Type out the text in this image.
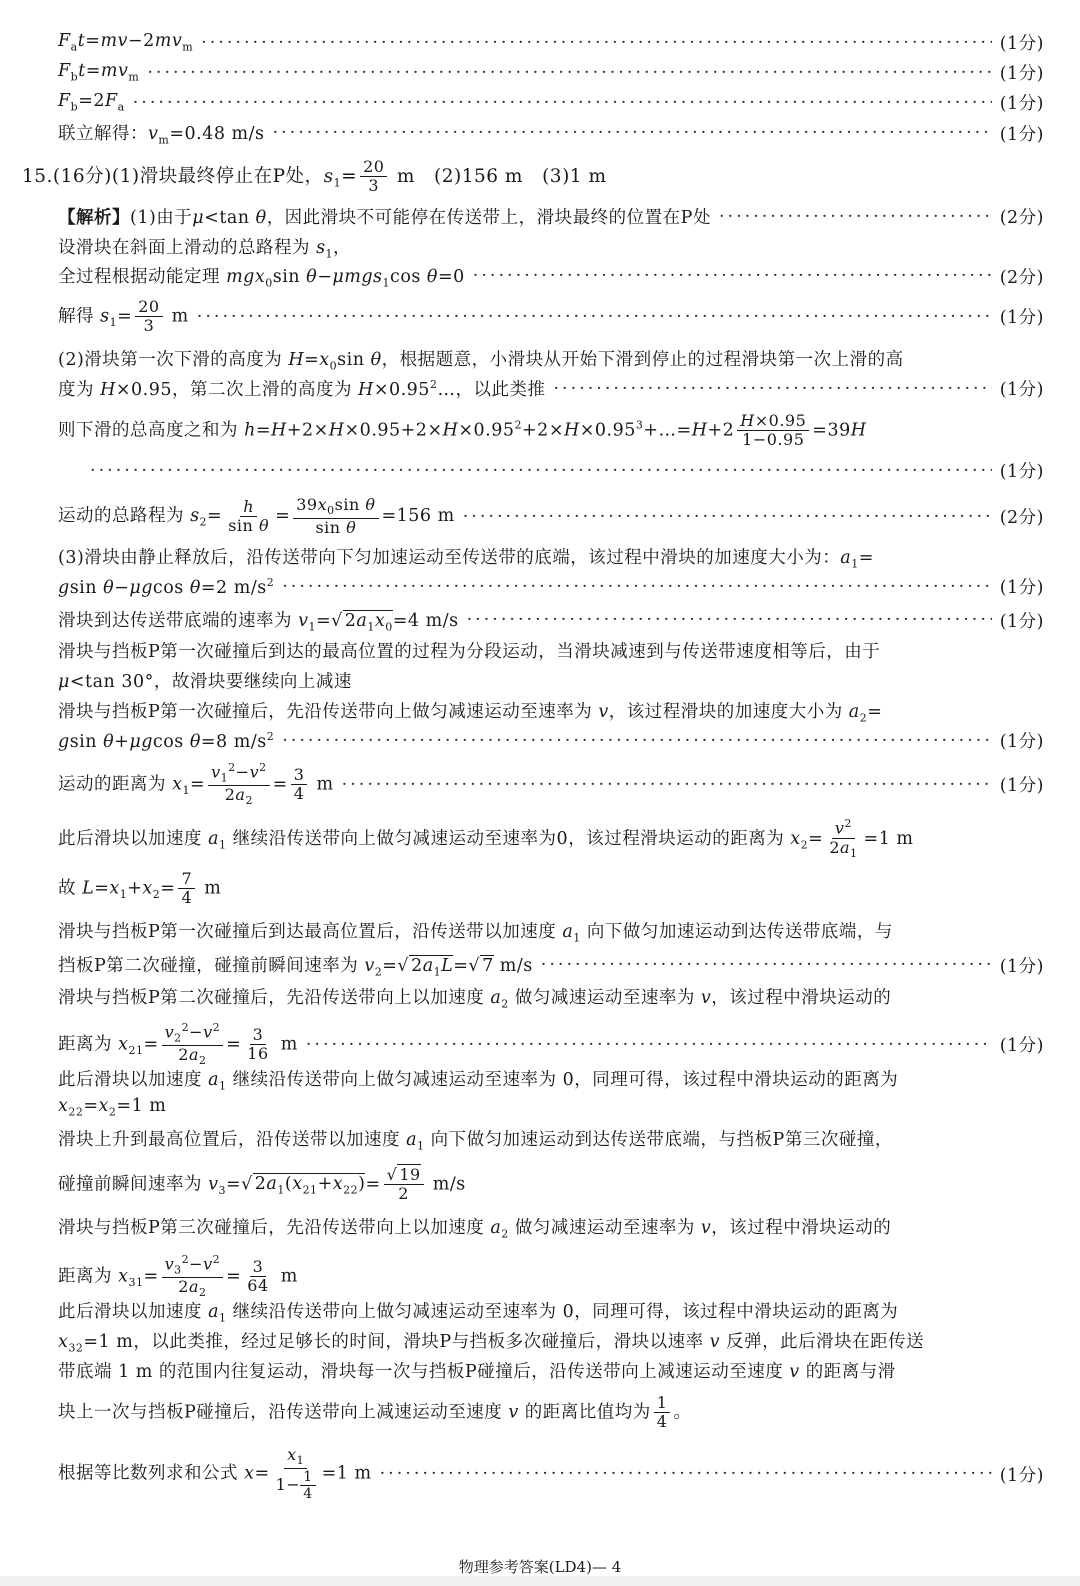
$F_at=mv-2mv_m$ ·····	(1分)
$F_bt=mv_m$ ·····	(1分)
$F_b=2F_a$ ·····	(1分)
联立解得：$v_m=0.48$ m/s ·····	(1分)
15.(16分)(1)滑块最终停止在P处，$s_1= \frac{20}{3}$ m   (2)156 m   (3)1 m
【解析】(1)由于μ<tan θ，因此滑块不可能停在传送带上，滑块最终的位置在P处 ·····	(2分)
设滑块在斜面上滑动的总路程为 $s_1$，
全过程根据动能定理 mgx$_0$sin θ−μmgs$_1$cos θ=0 ·····	(2分)
解得 $s_1= \frac{20}{3}$ m ·····	(1分)
(2)滑块第一次下滑的高度为 $H=x_0\sin$ θ，根据题意，小滑块从开始下滑到停止的过程滑块第一次上滑的高
度为 H×0.95，第二次上滑的高度为 $H\times 0.95^2\dots$，以此类推 ·····	(1分)
则下滑的总高度之和为 $h=H+2\times H\times 0.95+2\times H\times 0.95^2+2\times H\times 0.95^3+\dots=H+2 \frac{H\times 0.95}{1-0.95} =39H$
·····
(1分)
运动的总路程为 $s_2= \frac{h}{\text{sin θ}} = \frac{39x_0\sin \theta}{\text{sin θ}} =156$ m ·····	(2分)
(3)滑块由静止释放后，沿传送带向下匀加速运动至传送带的底端，该过程中滑块的加速度大小为：$a_1=$
gsin θ−μgcos θ=2 $m/s^2$ ·····	(1分)
滑块到达传送带底端的速率为 $v_1=√$ $2a_1x_0=4$ m/s ·····	(1分)
滑块与挡板P第一次碰撞后到达的最高位置的过程为分段运动，当滑块减速到与传送带速度相等后，由于
μ<tan 30°，故滑块要继续向上减速
滑块与挡板P第一次碰撞后，先沿传送带向上做匀减速运动至速率为 v，该过程滑块的加速度大小为 $a_2=$
gsin θ+μgcos θ=8 $m/s^2$ ·····	(1分)
运动的距离为 $x_1= \frac{v_1^2-v^2}{2a_2} = \frac{3}{4}$ m ·····	(1分)
此后滑块以加速度 $a_1$ 继续沿传送带向上做匀减速运动至速率为0，该过程滑块运动的距离为 $x_2= \frac{v^2}{2a_1} =1$ m
故 $L=x_1+x_2= \frac{7}{4}$ m
滑块与挡板P第一次碰撞后到达最高位置后，沿传送带以加速度 $a_1$ 向下做匀加速运动到达传送带底端，与
挡板P第二次碰撞，碰撞前瞬间速率为 $v_2=√$ $2a_1L=√$ 7 m/s ·····	(1分)
滑块与挡板P第二次碰撞后，先沿传送带向上以加速度 $a_2$ 做匀减速运动至速率为 v，该过程中滑块运动的
距离为 $x_{21}= \frac{v_2^2-v^2}{2a_2} = \frac{3}{16}$ m ·····	(1分)
此后滑块以加速度 $a_1$ 继续沿传送带向上做匀减速运动至速率为 0，同理可得，该过程中滑块运动的距离为
$x_{22}=x_2=1$ m
滑块上升到最高位置后，沿传送带以加速度 $a_1$ 向下做匀加速运动到达传送带底端，与挡板P第三次碰撞，
碰撞前瞬间速率为 $v_3=√$ $2a_1(x_{21}+x_{22})= \frac{√ 19}{2} m/s$
滑块与挡板P第三次碰撞后，先沿传送带向上以加速度 $a_2$ 做匀减速运动至速率为 v，该过程中滑块运动的
距离为 $x_{31}= \frac{v_3^2-v^2}{2a_2} = \frac{3}{64}$ m
此后滑块以加速度 $a_1$ 继续沿传送带向上做匀减速运动至速率为 0，同理可得，该过程中滑块运动的距离为
$x_{32}=1$ m，以此类推，经过足够长的时间，滑块P与挡板多次碰撞后，滑块以速率 v 反弹，此后滑块在距传送
带底端 1 m 的范围内往复运动，滑块每一次与挡板P碰撞后，沿传送带向上减速运动至速度 v 的距离与滑
块上一次与挡板P碰撞后，沿传送带向上减速运动至速度 v 的距离比值均为 $\frac{1}{4}$ 。
根据等比数列求和公式 $x= \frac{x_1}{1- \frac{1}{4}} =1$ m ·····	(1分)
物理参考答案(LD4)— 4
